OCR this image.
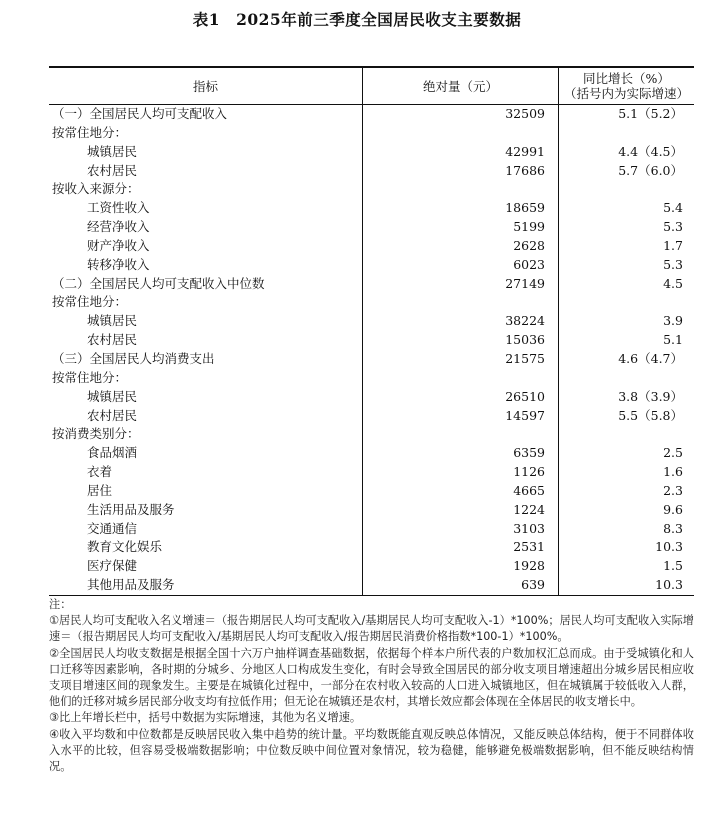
表1　2025年前三季度全国居民收支主要数据
指标	绝对量（元）	同比增长（%）
（括号内为实际增速）
（一）全国居民人均可支配收入
按常住地分：
城镇居民
农村居民
按收入来源分：
工资性收入
经营净收入
财产净收入
转移净收入
（二）全国居民人均可支配收入中位数
按常住地分：
城镇居民
农村居民
（三）全国居民人均消费支出
按常住地分：
城镇居民
农村居民
按消费类别分：
食品烟酒
衣着
居住
生活用品及服务
交通通信
教育文化娱乐
医疗保健
其他用品及服务
32509
42991
17686
18659
5199
2628
6023
27149
38224
15036
21575
26510
14597
6359
1126
4665
1224
3103
2531
1928
639
5.1（5.2）
4.4（4.5）
5.7（6.0）
5.4
5.3
1.7
5.3
4.5
3.9
5.1
4.6（4.7）
3.8（3.9）
5.5（5.8）
2.5
1.6
2.3
9.6
8.3
10.3
1.5
10.3

注：

①居民人均可支配收入名义增速＝（报告期居民人均可支配收入/基期居民人均可支配收入-1）*100%；居民人均可支配收入实际增速＝（报告期居民人均可支配收入/基期居民人均可支配收入/报告期居民消费价格指数*100-1）*100%。

②全国居民人均收支数据是根据全国十六万户抽样调查基础数据，依据每个样本户所代表的户数加权汇总而成。由于受城镇化和人口迁移等因素影响，各时期的分城乡、分地区人口构成发生变化，有时会导致全国居民的部分收支项目增速超出分城乡居民相应收支项目增速区间的现象发生。主要是在城镇化过程中，一部分在农村收入较高的人口进入城镇地区，但在城镇属于较低收入人群，他们的迁移对城乡居民部分收支均有拉低作用；但无论在城镇还是农村，其增长效应都会体现在全体居民的收支增长中。

③比上年增长栏中，括号中数据为实际增速，其他为名义增速。

④收入平均数和中位数都是反映居民收入集中趋势的统计量。平均数既能直观反映总体情况，又能反映总体结构，便于不同群体收入水平的比较，但容易受极端数据影响；中位数反映中间位置对象情况，较为稳健，能够避免极端数据影响，但不能反映结构情况。
